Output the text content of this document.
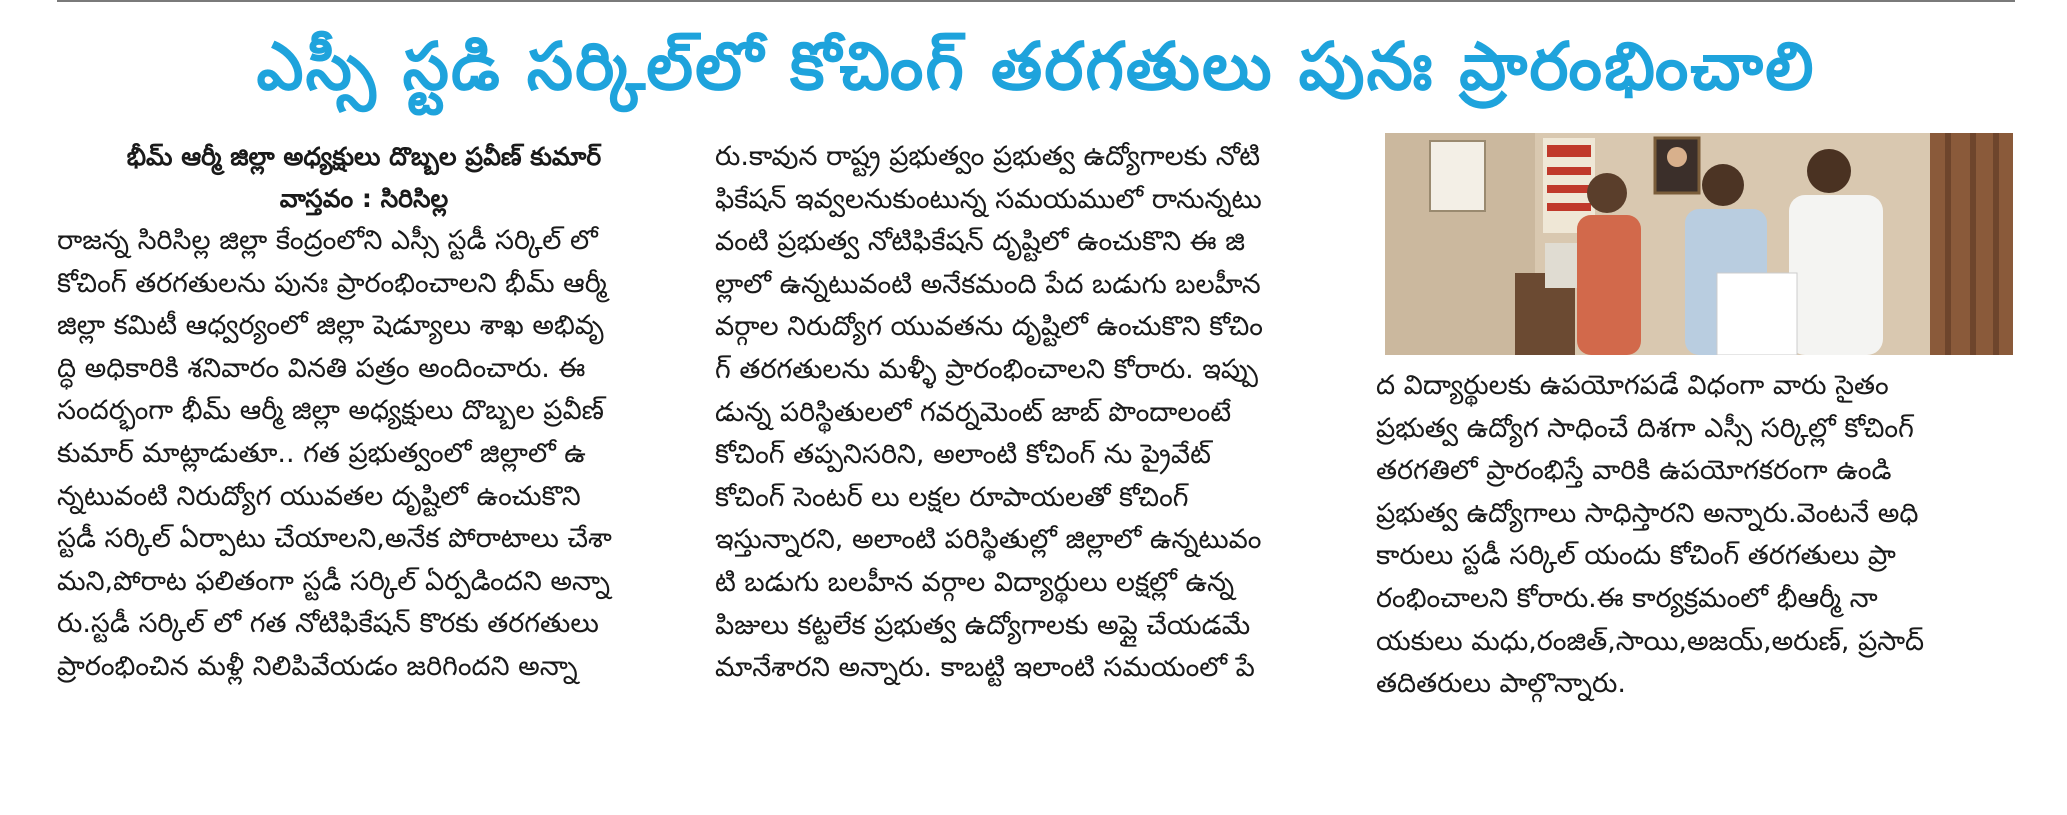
ఎస్సీ స్టడి సర్కిల్‌లో కోచింగ్ తరగతులు పునః ప్రారంభించాలి
భీమ్ ఆర్మీ జిల్లా అధ్యక్షులు దొబ్బల ప్రవీణ్ కుమార్
వాస్తవం : సిరిసిల్ల
రాజన్న సిరిసిల్ల జిల్లా కేంద్రంలోని ఎస్సీ స్టడీ సర్కిల్ లో
కోచింగ్ తరగతులను పునః ప్రారంభించాలని భీమ్ ఆర్మీ
జిల్లా కమిటీ ఆధ్వర్యంలో జిల్లా షెడ్యూలు శాఖ అభివృ
ద్ధి అధికారికి శనివారం వినతి పత్రం అందించారు. ఈ
సందర్భంగా భీమ్ ఆర్మీ జిల్లా అధ్యక్షులు దొబ్బల ప్రవీణ్
కుమార్ మాట్లాడుతూ.. గత ప్రభుత్వంలో జిల్లాలో ఉ
న్నటువంటి నిరుద్యోగ యువతల దృష్టిలో ఉంచుకొని
స్టడీ సర్కిల్ ఏర్పాటు చేయాలని,అనేక పోరాటాలు చేశా
మని,పోరాట ఫలితంగా స్టడీ సర్కిల్ ఏర్పడిందని అన్నా
రు.స్టడీ సర్కిల్ లో గత నోటిఫికేషన్ కొరకు తరగతులు
ప్రారంభించిన మళ్లీ నిలిపివేయడం జరిగిందని అన్నా
రు.కావున రాష్ట్ర ప్రభుత్వం ప్రభుత్వ ఉద్యోగాలకు నోటి
ఫికేషన్ ఇవ్వలనుకుంటున్న సమయములో రానున్నటు
వంటి ప్రభుత్వ నోటిఫికేషన్ దృష్టిలో ఉంచుకొని ఈ జి
ల్లాలో ఉన్నటువంటి అనేకమంది పేద బడుగు బలహీన
వర్గాల నిరుద్యోగ యువతను దృష్టిలో ఉంచుకొని కోచిం
గ్ తరగతులను మళ్ళీ ప్రారంభించాలని కోరారు. ఇప్పు
డున్న పరిస్థితులలో గవర్నమెంట్ జాబ్ పొందాలంటే
కోచింగ్ తప్పనిసరిని, అలాంటి కోచింగ్ ను ప్రైవేట్
కోచింగ్ సెంటర్ లు లక్షల రూపాయలతో కోచింగ్
ఇస్తున్నారని, అలాంటి పరిస్థితుల్లో జిల్లాలో ఉన్నటువం
టి బడుగు బలహీన వర్గాల విద్యార్థులు లక్షల్లో ఉన్న
పిజులు కట్టలేక ప్రభుత్వ ఉద్యోగాలకు అప్లై చేయడమే
మానేశారని అన్నారు. కాబట్టి ఇలాంటి సమయంలో పే
ద విద్యార్థులకు ఉపయోగపడే విధంగా వారు సైతం
ప్రభుత్వ ఉద్యోగ సాధించే దిశగా ఎస్సీ సర్కిల్లో కోచింగ్
తరగతిలో ప్రారంభిస్తే వారికి ఉపయోగకరంగా ఉండి
ప్రభుత్వ ఉద్యోగాలు సాధిస్తారని అన్నారు.వెంటనే అధి
కారులు స్టడీ సర్కిల్ యందు కోచింగ్ తరగతులు ప్రా
రంభించాలని కోరారు.ఈ కార్యక్రమంలో భీఆర్మీ నా
యకులు మధు,రంజిత్,సాయి,అజయ్,అరుణ్, ప్రసాద్
తదితరులు పాల్గొన్నారు.
